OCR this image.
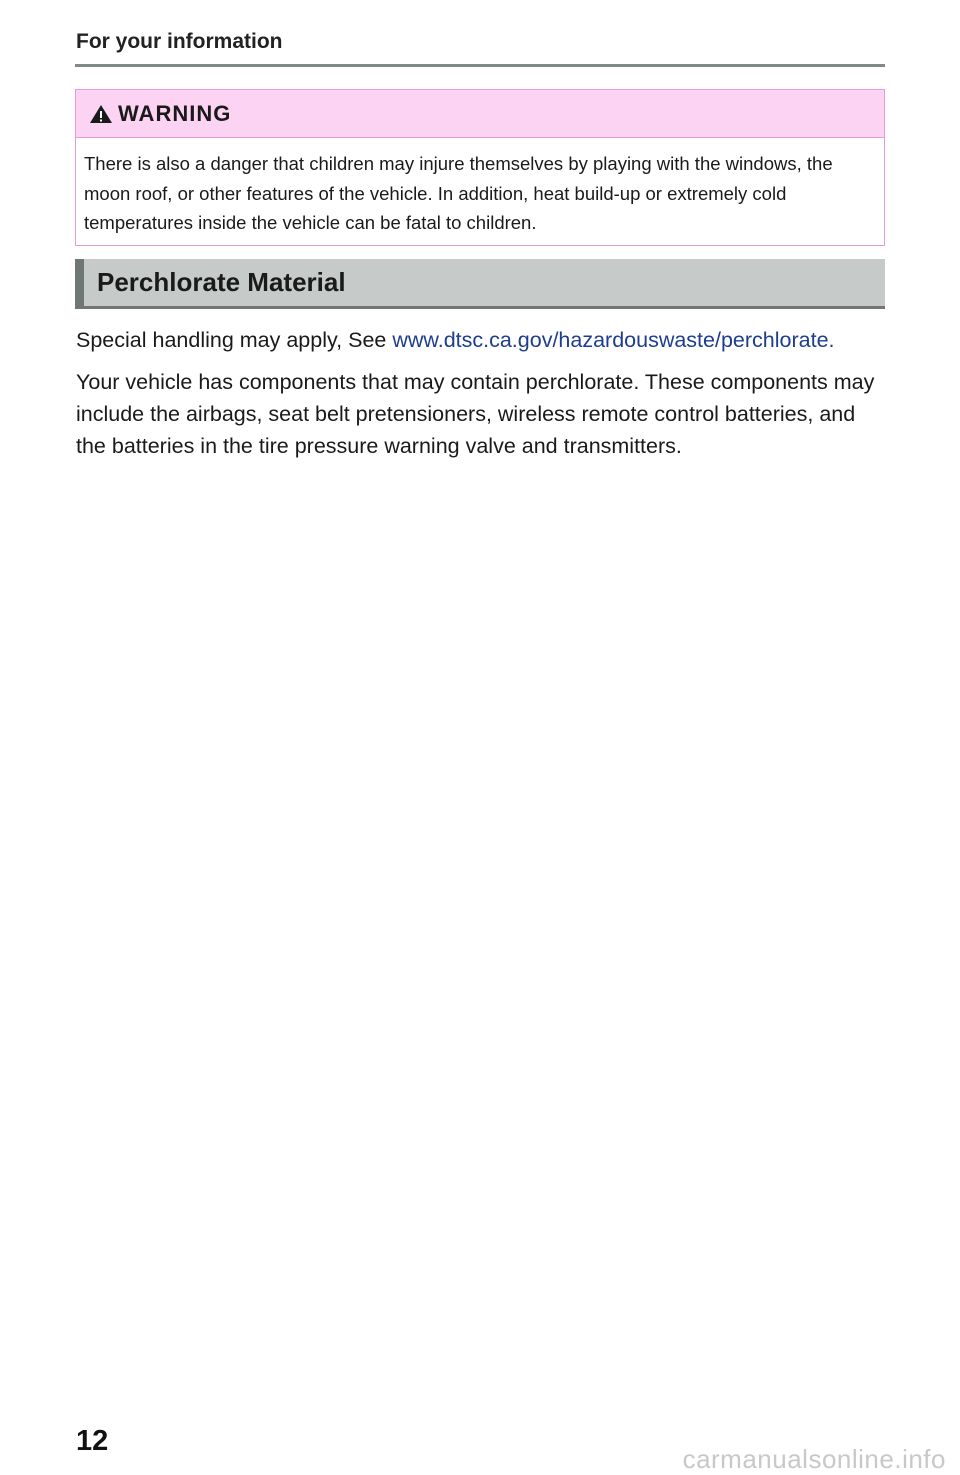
For your information
WARNING
There is also a danger that children may injure themselves by playing with the windows, the moon roof, or other features of the vehicle. In addition, heat build-up or extremely cold temperatures inside the vehicle can be fatal to children.
Perchlorate Material
Special handling may apply, See www.dtsc.ca.gov/hazardouswaste/perchlorate.
Your vehicle has components that may contain perchlorate. These components may include the airbags, seat belt pretensioners, wireless remote control batteries, and the batteries in the tire pressure warning valve and transmitters.
12
carmanualsonline.info
